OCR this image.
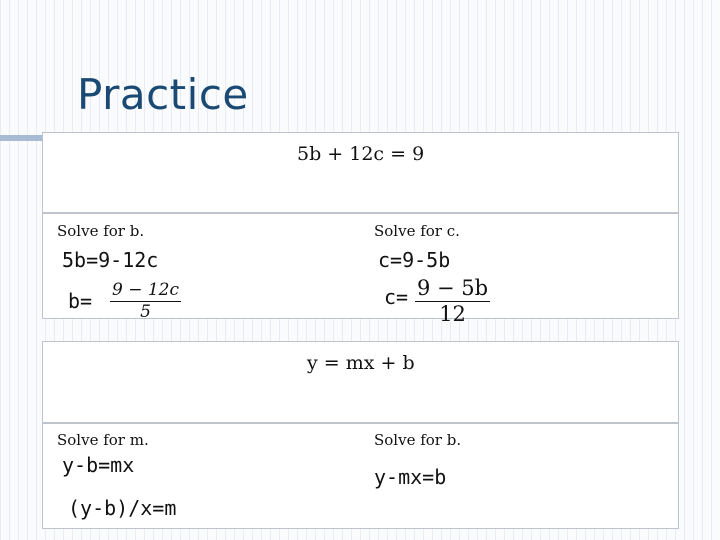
Practice
5b + 12c = 9
Solve for b.
5b=9-12c
$b= \frac{9 - 12c}{5}$
Solve for c.
c=9-5b
$c= \frac{9 - 5b}{12}$
y = mx + b
Solve for m.
y-b=mx
(y-b)/x=m
Solve for b.
y-mx=b
